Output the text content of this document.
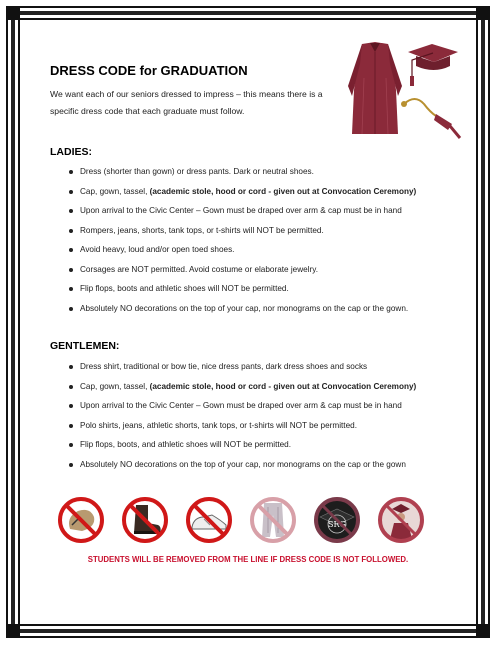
DRESS CODE for GRADUATION
We want each of our seniors dressed to impress – this means there is a specific dress code that each graduate must follow.
LADIES:
Dress (shorter than gown) or dress pants. Dark or neutral shoes.
Cap, gown, tassel, (academic stole, hood or cord - given out at Convocation Ceremony)
Upon arrival to the Civic Center – Gown must be draped over arm & cap must be in hand
Rompers, jeans, shorts, tank tops, or t-shirts will NOT be permitted.
Avoid heavy, loud and/or open toed shoes.
Corsages are NOT permitted. Avoid costume or elaborate jewelry.
Flip flops, boots and athletic shoes will NOT be permitted.
Absolutely NO decorations on the top of your cap, nor monograms on the cap or the gown.
GENTLEMEN:
Dress shirt, traditional or bow tie, nice dress pants, dark dress shoes and socks
Cap, gown, tassel, (academic stole, hood or cord - given out at Convocation Ceremony)
Upon arrival to the Civic Center – Gown must be draped over arm & cap must be in hand
Polo shirts, jeans, athletic shorts, tank tops, or t-shirts will NOT be permitted.
Flip flops, boots, and athletic shoes will NOT be permitted.
Absolutely NO decorations on the top of your cap, nor monograms on the cap or the gown
SRG
STUDENTS WILL BE REMOVED FROM THE LINE IF DRESS CODE IS NOT FOLLOWED.
